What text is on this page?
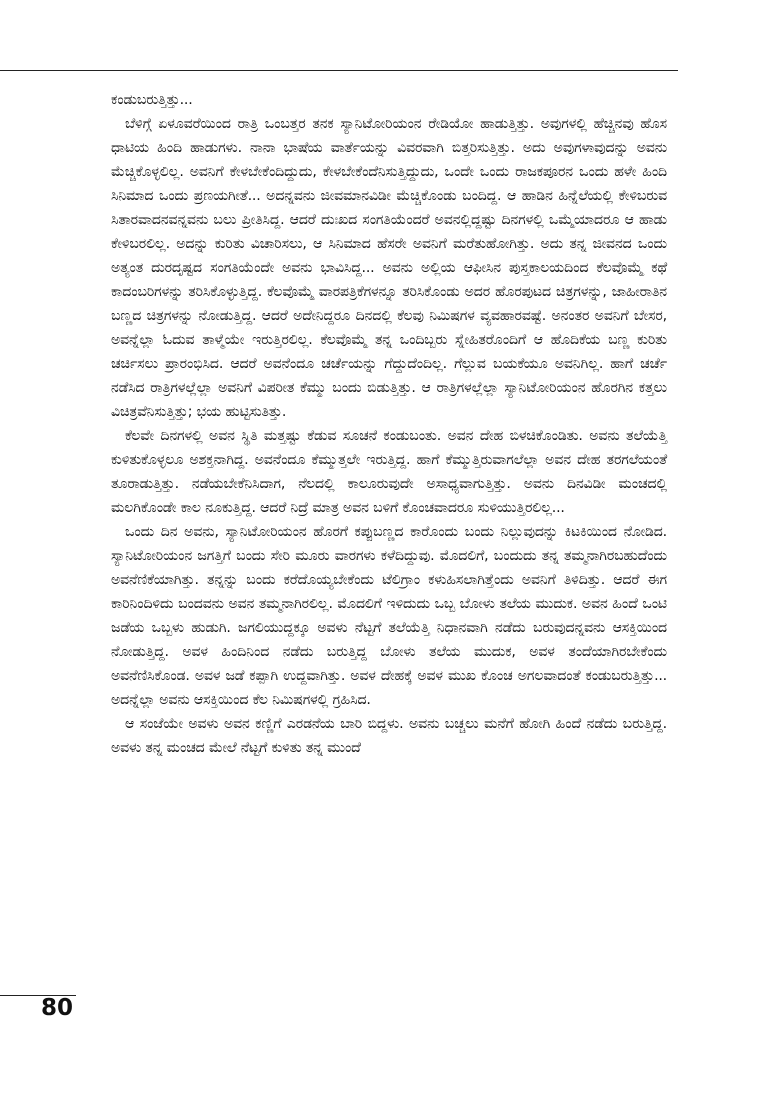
ಕಂಡುಬರುತ್ತಿತ್ತು...

ಬೆಳಿಗ್ಗೆ ಏಳೂವರೆಯಿಂದ ರಾತ್ರಿ ಒಂಬತ್ತರ ತನಕ ಸ್ಯಾನಿಟೋರಿಯಂನ ರೇಡಿಯೋ ಹಾಡುತ್ತಿತ್ತು. ಅವುಗಳಲ್ಲಿ ಹೆಚ್ಚಿನವು ಹೊಸ ಧಾಟಿಯ ಹಿಂದಿ ಹಾಡುಗಳು. ನಾನಾ ಭಾಷೆಯ ವಾರ್ತೆಯನ್ನು ವಿವರವಾಗಿ ಬಿತ್ತರಿಸುತ್ತಿತ್ತು. ಅದು ಅವುಗಳಾವುದನ್ನು ಅವನು ಮೆಚ್ಚಿಕೊಳ್ಳಲಿಲ್ಲ. ಅವನಿಗೆ ಕೇಳಬೇಕೆಂದಿದ್ದುದು, ಕೇಳಬೇಕೆಂದೆನಿಸುತ್ತಿದ್ದುದು, ಒಂದೇ ಒಂದು ರಾಜಕಪೂರನ ಒಂದು ಹಳೇ ಹಿಂದಿ ಸಿನಿಮಾದ ಒಂದು ಪ್ರಣಯಗೀತೆ... ಅದನ್ನವನು ಜೀವಮಾನವಿಡೀ ಮೆಚ್ಚಿಕೊಂಡು ಬಂದಿದ್ದ. ಆ ಹಾಡಿನ ಹಿನ್ನೆಲೆಯಲ್ಲಿ ಕೇಳಿಬರುವ ಸಿತಾರವಾದನವನ್ನವನು ಬಲು ಪ್ರೀತಿಸಿದ್ದ. ಆದರೆ ದುಃಖದ ಸಂಗತಿಯೆಂದರೆ ಅವನಲ್ಲಿದ್ದಷ್ಟು ದಿನಗಳಲ್ಲಿ ಒಮ್ಮೆಯಾದರೂ ಆ ಹಾಡು ಕೇಳಿಬರಲಿಲ್ಲ. ಅದನ್ನು ಕುರಿತು ವಿಚಾರಿಸಲು, ಆ ಸಿನಿಮಾದ ಹೆಸರೇ ಅವನಿಗೆ ಮರೆತುಹೋಗಿತ್ತು. ಅದು ತನ್ನ ಜೀವನದ ಒಂದು ಅತ್ಯಂತ ದುರದೃಷ್ಟದ ಸಂಗತಿಯೆಂದೇ ಅವನು ಭಾವಿಸಿದ್ದ... ಅವನು ಅಲ್ಲಿಯ ಆಫೀಸಿನ ಪುಸ್ತಕಾಲಯದಿಂದ ಕೆಲವೊಮ್ಮೆ ಕಥೆ ಕಾದಂಬರಿಗಳನ್ನು ತರಿಸಿಕೊಳ್ಳುತ್ತಿದ್ದ. ಕೆಲವೊಮ್ಮೆ ವಾರಪತ್ರಿಕೆಗಳನ್ನೂ ತರಿಸಿಕೊಂಡು ಅದರ ಹೊರಪುಟದ ಚಿತ್ರಗಳನ್ನು, ಜಾಹೀರಾತಿನ ಬಣ್ಣದ ಚಿತ್ರಗಳನ್ನು ನೋಡುತ್ತಿದ್ದ. ಆದರೆ ಅದೇನಿದ್ದರೂ ದಿನದಲ್ಲಿ ಕೆಲವು ನಿಮಿಷಗಳ ವ್ಯವಹಾರವಷ್ಟೆ. ಅನಂತರ ಅವನಿಗೆ ಬೇಸರ, ಅವನ್ನೆಲ್ಲಾ ಓದುವ ತಾಳ್ಮೆಯೇ ಇರುತ್ತಿರಲಿಲ್ಲ. ಕೆಲವೊಮ್ಮೆ ತನ್ನ ಒಂದಿಬ್ಬರು ಸ್ನೇಹಿತರೊಂದಿಗೆ ಆ ಹೊದಿಕೆಯ ಬಣ್ಣ ಕುರಿತು ಚರ್ಚಿಸಲು ಪ್ರಾರಂಭಿಸಿದ. ಆದರೆ ಅವನೆಂದೂ ಚರ್ಚೆಯನ್ನು ಗೆದ್ದುದೆಂದಿಲ್ಲ. ಗೆಲ್ಲುವ ಬಯಕೆಯೂ ಅವನಿಗಿಲ್ಲ. ಹಾಗೆ ಚರ್ಚೆ ನಡೆಸಿದ ರಾತ್ರಿಗಳಲ್ಲೆಲ್ಲಾ ಅವನಿಗೆ ವಿಪರೀತ ಕೆಮ್ಮು ಬಂದು ಬಿಡುತ್ತಿತ್ತು. ಆ ರಾತ್ರಿಗಳಲ್ಲೆಲ್ಲಾ ಸ್ಯಾನಿಟೋರಿಯಂನ ಹೊರಗಿನ ಕತ್ತಲು ವಿಚಿತ್ರವೆನಿಸುತ್ತಿತ್ತು; ಭಯ ಹುಟ್ಟಿಸುತಿತ್ತು.

ಕೆಲವೇ ದಿನಗಳಲ್ಲಿ ಅವನ ಸ್ಥಿತಿ ಮತ್ತಷ್ಟು ಕೆಡುವ ಸೂಚನೆ ಕಂಡುಬಂತು. ಅವನ ದೇಹ ಬಿಳಚಿಕೊಂಡಿತು. ಅವನು ತಲೆಯೆತ್ತಿ ಕುಳಿತುಕೊಳ್ಳಲೂ ಅಶಕ್ತನಾಗಿದ್ದ. ಅವನೆಂದೂ ಕೆಮ್ಮುತ್ತಲೇ ಇರುತ್ತಿದ್ದ. ಹಾಗೆ ಕೆಮ್ಮುತ್ತಿರುವಾಗಲೆಲ್ಲಾ ಅವನ ದೇಹ ತರಗಲೆಯಂತೆ ತೂರಾಡುತ್ತಿತ್ತು. ನಡೆಯಬೇಕೆನಿಸಿದಾಗ, ನೆಲದಲ್ಲಿ ಕಾಲೂರುವುದೇ ಅಸಾಧ್ಯವಾಗುತ್ತಿತ್ತು. ಅವನು ದಿನವಿಡೀ ಮಂಚದಲ್ಲಿ ಮಲಗಿಕೊಂಡೇ ಕಾಲ ನೂಕುತ್ತಿದ್ದ. ಆದರೆ ನಿದ್ರೆ ಮಾತ್ರ ಅವನ ಬಳಿಗೆ ಕೊಂಚವಾದರೂ ಸುಳಿಯುತ್ತಿರಲಿಲ್ಲ...

ಒಂದು ದಿನ ಅವನು, ಸ್ಯಾನಿಟೋರಿಯಂನ ಹೊರಗೆ ಕಪ್ಪುಬಣ್ಣದ ಕಾರೊಂದು ಬಂದು ನಿಲ್ಲುವುದನ್ನು ಕಿಟಕಿಯಿಂದ ನೋಡಿದ. ಸ್ಯಾನಿಟೋರಿಯಂನ ಜಗತ್ತಿಗೆ ಬಂದು ಸೇರಿ ಮೂರು ವಾರಗಳು ಕಳೆದಿದ್ದುವು. ಮೊದಲಿಗೆ, ಬಂದುದು ತನ್ನ ತಮ್ಮನಾಗಿರಬಹುದೆಂದು ಅವನೆಣಿಕೆಯಾಗಿತ್ತು. ತನ್ನನ್ನು ಬಂದು ಕರೆದೊಯ್ಯಬೇಕೆಂದು ಟೆಲಿಗ್ರಾಂ ಕಳುಹಿಸಲಾಗಿತ್ತೆಂದು ಅವನಿಗೆ ತಿಳಿದಿತ್ತು. ಆದರೆ ಈಗ ಕಾರಿನಿಂದಿಳಿದು ಬಂದವನು ಅವನ ತಮ್ಮನಾಗಿರಲಿಲ್ಲ. ಮೊದಲಿಗೆ ಇಳಿದುದು ಒಬ್ಬ ಬೋಳು ತಲೆಯ ಮುದುಕ. ಅವನ ಹಿಂದೆ ಒಂಟಿ ಜಡೆಯ ಒಬ್ಬಳು ಹುಡುಗಿ. ಜಗಲಿಯುದ್ದಕ್ಕೂ ಅವಳು ನೆಟ್ಟಗೆ ತಲೆಯೆತ್ತಿ ನಿಧಾನವಾಗಿ ನಡೆದು ಬರುವುದನ್ನವನು ಆಸಕ್ತಿಯಿಂದ ನೋಡುತ್ತಿದ್ದ. ಅವಳ ಹಿಂದಿನಿಂದ ನಡೆದು ಬರುತ್ತಿದ್ದ ಬೋಳು ತಲೆಯ ಮುದುಕ, ಅವಳ ತಂದೆಯಾಗಿರಬೇಕೆಂದು ಅವನೆಣಿಸಿಕೊಂಡ. ಅವಳ ಜಡೆ ಕಪ್ಪಾಗಿ ಉದ್ದವಾಗಿತ್ತು. ಅವಳ ದೇಹಕ್ಕೆ ಅವಳ ಮುಖ ಕೊಂಚ ಅಗಲವಾದಂತೆ ಕಂಡುಬರುತ್ತಿತ್ತು... ಅದನ್ನೆಲ್ಲಾ ಅವನು ಆಸಕ್ತಿಯಿಂದ ಕೆಲ ನಿಮಿಷಗಳಲ್ಲಿ ಗ್ರಹಿಸಿದ.

ಆ ಸಂಜೆಯೇ ಅವಳು ಅವನ ಕಣ್ಣಿಗೆ ಎರಡನೆಯ ಬಾರಿ ಬಿದ್ದಳು. ಅವನು ಬಚ್ಚಲು ಮನೆಗೆ ಹೋಗಿ ಹಿಂದೆ ನಡೆದು ಬರುತ್ತಿದ್ದ. ಅವಳು ತನ್ನ ಮಂಚದ ಮೇಲೆ ನೆಟ್ಟಗೆ ಕುಳಿತು ತನ್ನ ಮುಂದೆ

80
